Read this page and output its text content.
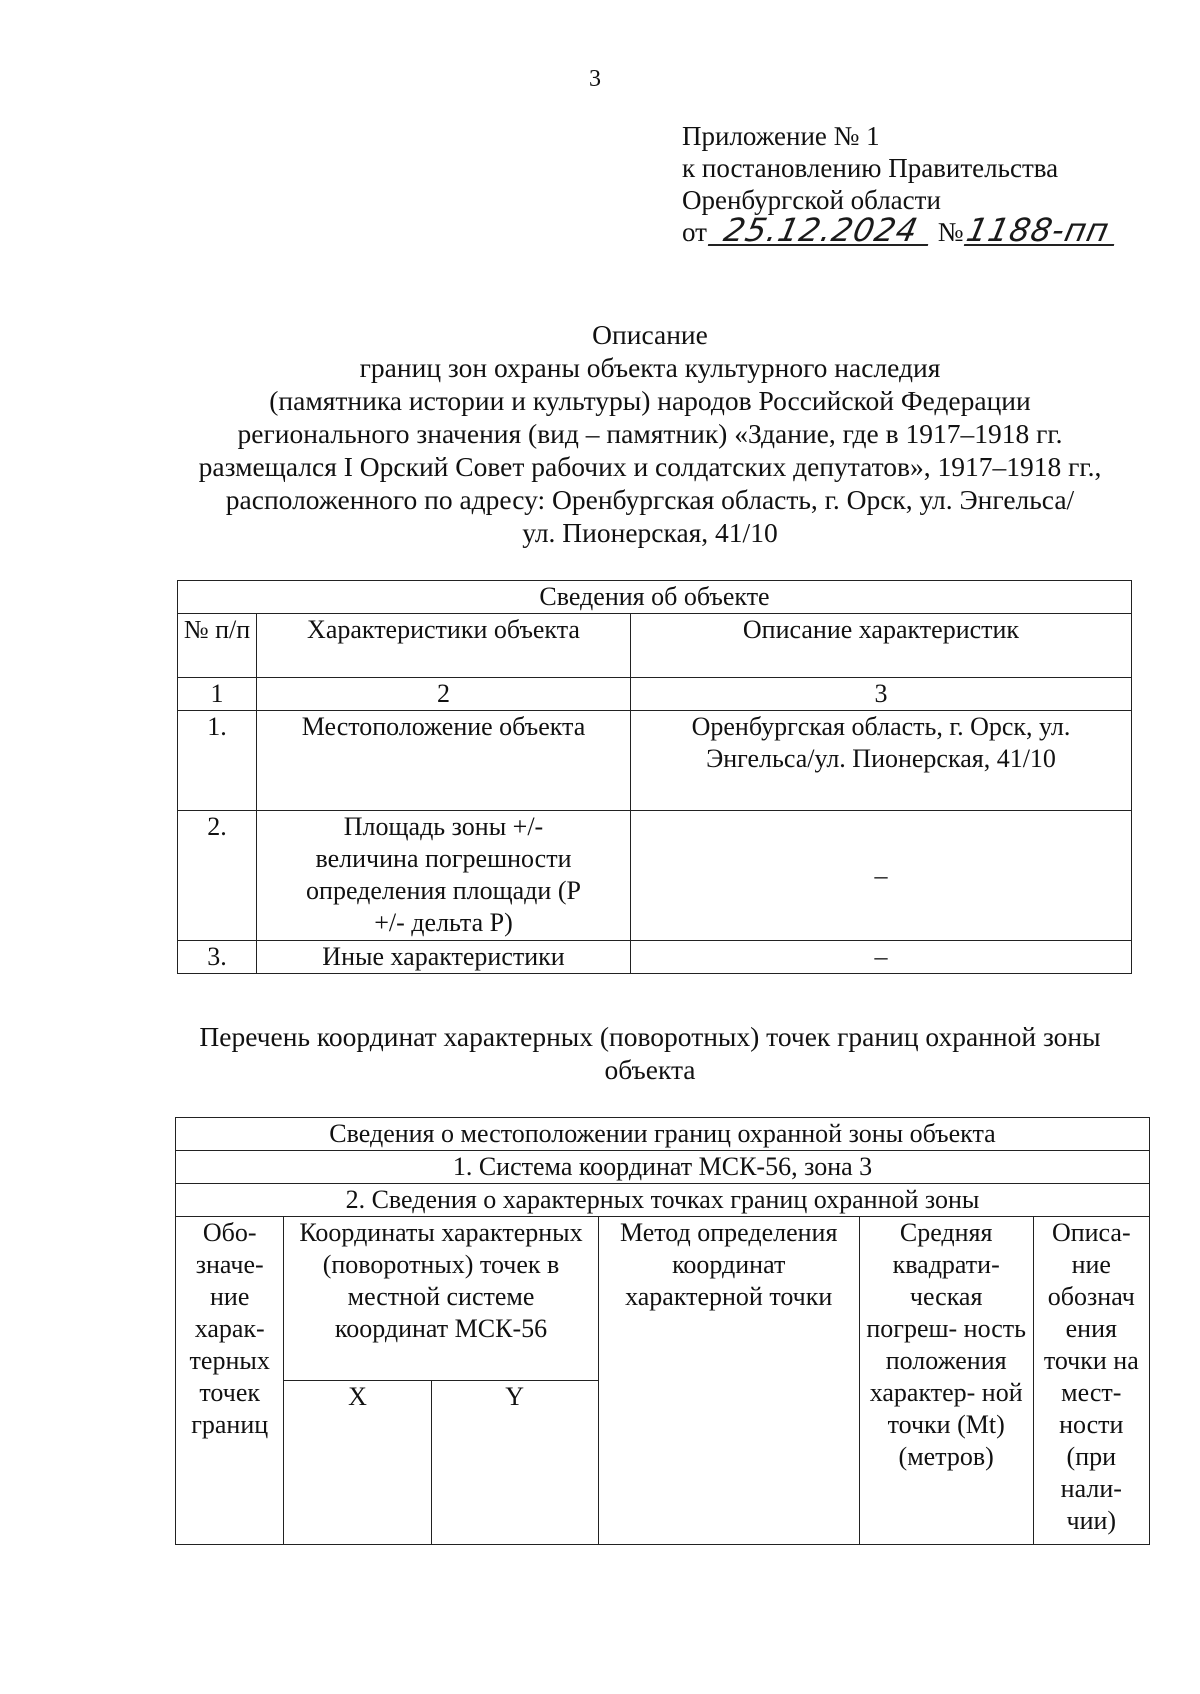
3
Приложение № 1
к постановлению Правительства
Оренбургской области
от 25.12.2024 №1188-пп
Описание
границ зон охраны объекта культурного наследия
(памятника истории и культуры) народов Российской Федерации
регионального значения (вид – памятник) «Здание, где в 1917–1918 гг.
размещался I Орский Совет рабочих и солдатских депутатов», 1917–1918 гг.,
расположенного по адресу: Оренбургская область, г. Орск, ул. Энгельса/
ул. Пионерская, 41/10
Сведения об объекте		
№ п/п	Характеристики объекта	Описание характеристик
1	2	3
1.	Местоположение объекта	Оренбургская область, г. Орск, ул. Энгельса/ул. Пионерская, 41/10
2.	Площадь зоны +/- величина погрешности определения площади (Р +/- дельта Р)	–
3.	Иные характеристики	–
Перечень координат характерных (поворотных) точек границ охранной зоны
объекта
Сведения о местоположении границ охранной зоны объекта					
1. Система координат МСК-56, зона 3					
2. Сведения о характерных точках границ охранной зоны					
Обо- значе- ние харак- терных точек границ	Координаты характерных (поворотных) точек в местной системе координат МСК-56		Метод определения координат характерной точки	Средняя квадрати- ческая погреш- ность положения характер- ной точки (Mt) (метров)	Описа- ние обознач ения точки на мест- ности (при нали- чии)
	X	Y			
